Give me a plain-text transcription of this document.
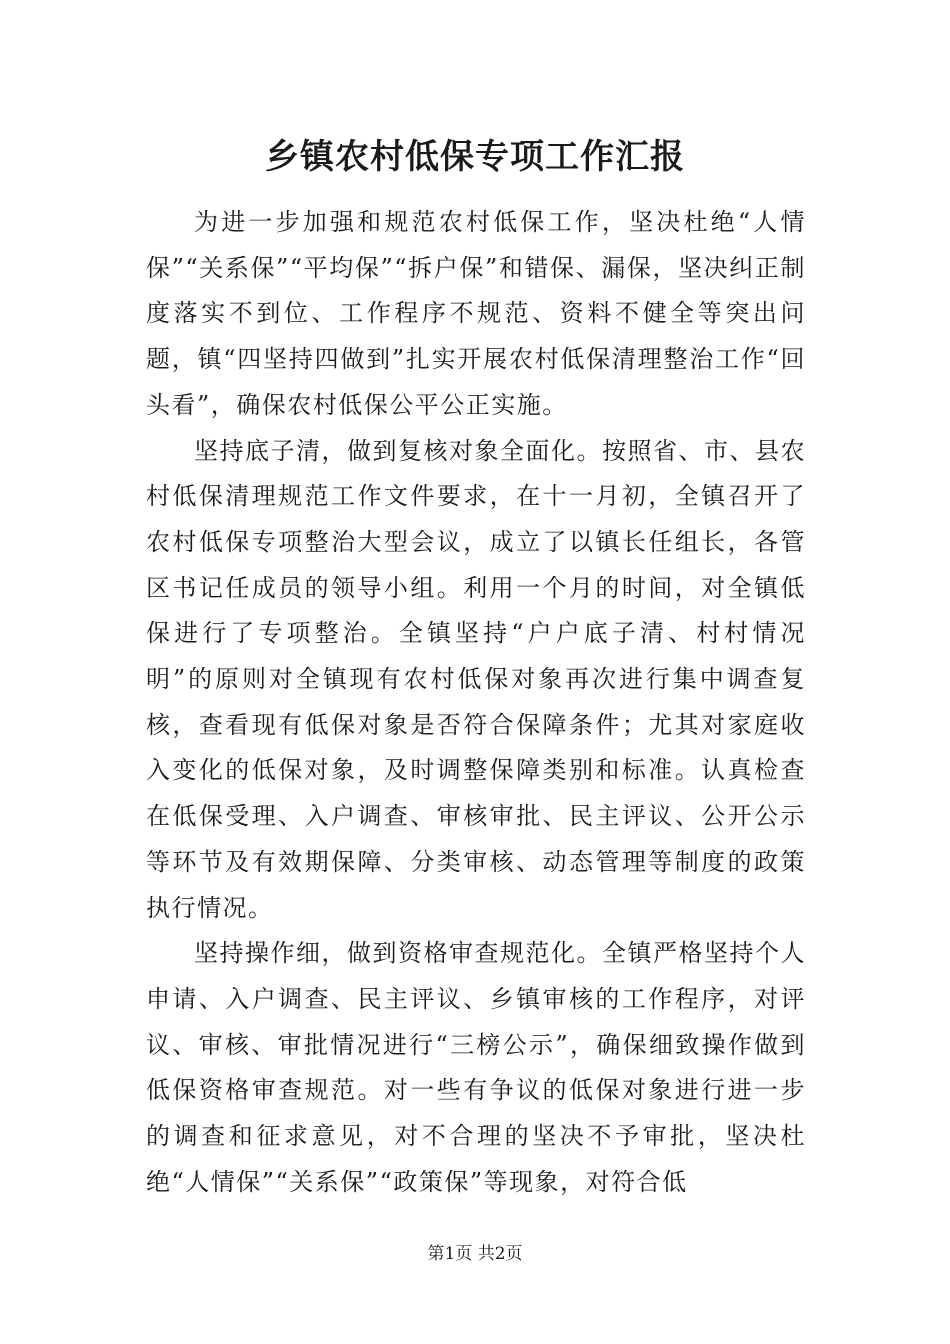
乡镇农村低保专项工作汇报

为进一步加强和规范农村低保工作，坚决杜绝“人情保”“关系保”“平均保”“拆户保”和错保、漏保，坚决纠正制度落实不到位、工作程序不规范、资料不健全等突出问题，镇“四坚持四做到”扎实开展农村低保清理整治工作“回头看”，确保农村低保公平公正实施。

坚持底子清，做到复核对象全面化。按照省、市、县农村低保清理规范工作文件要求，在十一月初，全镇召开了农村低保专项整治大型会议，成立了以镇长任组长，各管区书记任成员的领导小组。利用一个月的时间，对全镇低保进行了专项整治。全镇坚持“户户底子清、村村情况明”的原则对全镇现有农村低保对象再次进行集中调查复核，查看现有低保对象是否符合保障条件；尤其对家庭收入变化的低保对象，及时调整保障类别和标准。认真检查在低保受理、入户调查、审核审批、民主评议、公开公示等环节及有效期保障、分类审核、动态管理等制度的政策执行情况。

坚持操作细，做到资格审查规范化。全镇严格坚持个人申请、入户调查、民主评议、乡镇审核的工作程序，对评议、审核、审批情况进行“三榜公示”，确保细致操作做到低保资格审查规范。对一些有争议的低保对象进行进一步的调查和征求意见，对不合理的坚决不予审批，坚决杜绝“人情保”“关系保”“政策保”等现象，对符合低

第1页 共2页
